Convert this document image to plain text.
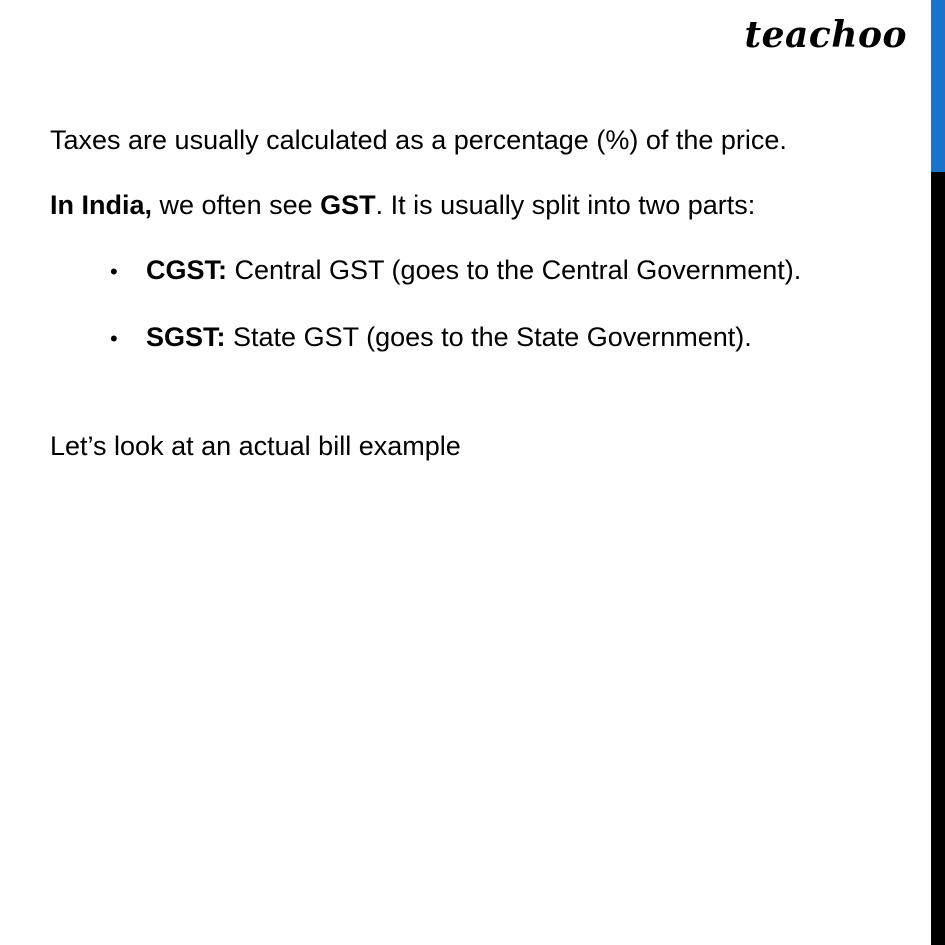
teachoo

Taxes are usually calculated as a percentage (%) of the price.

In India, we often see GST. It is usually split into two parts:

•	CGST: Central GST (goes to the Central Government).
•	SGST: State GST (goes to the State Government).

Let’s look at an actual bill example
